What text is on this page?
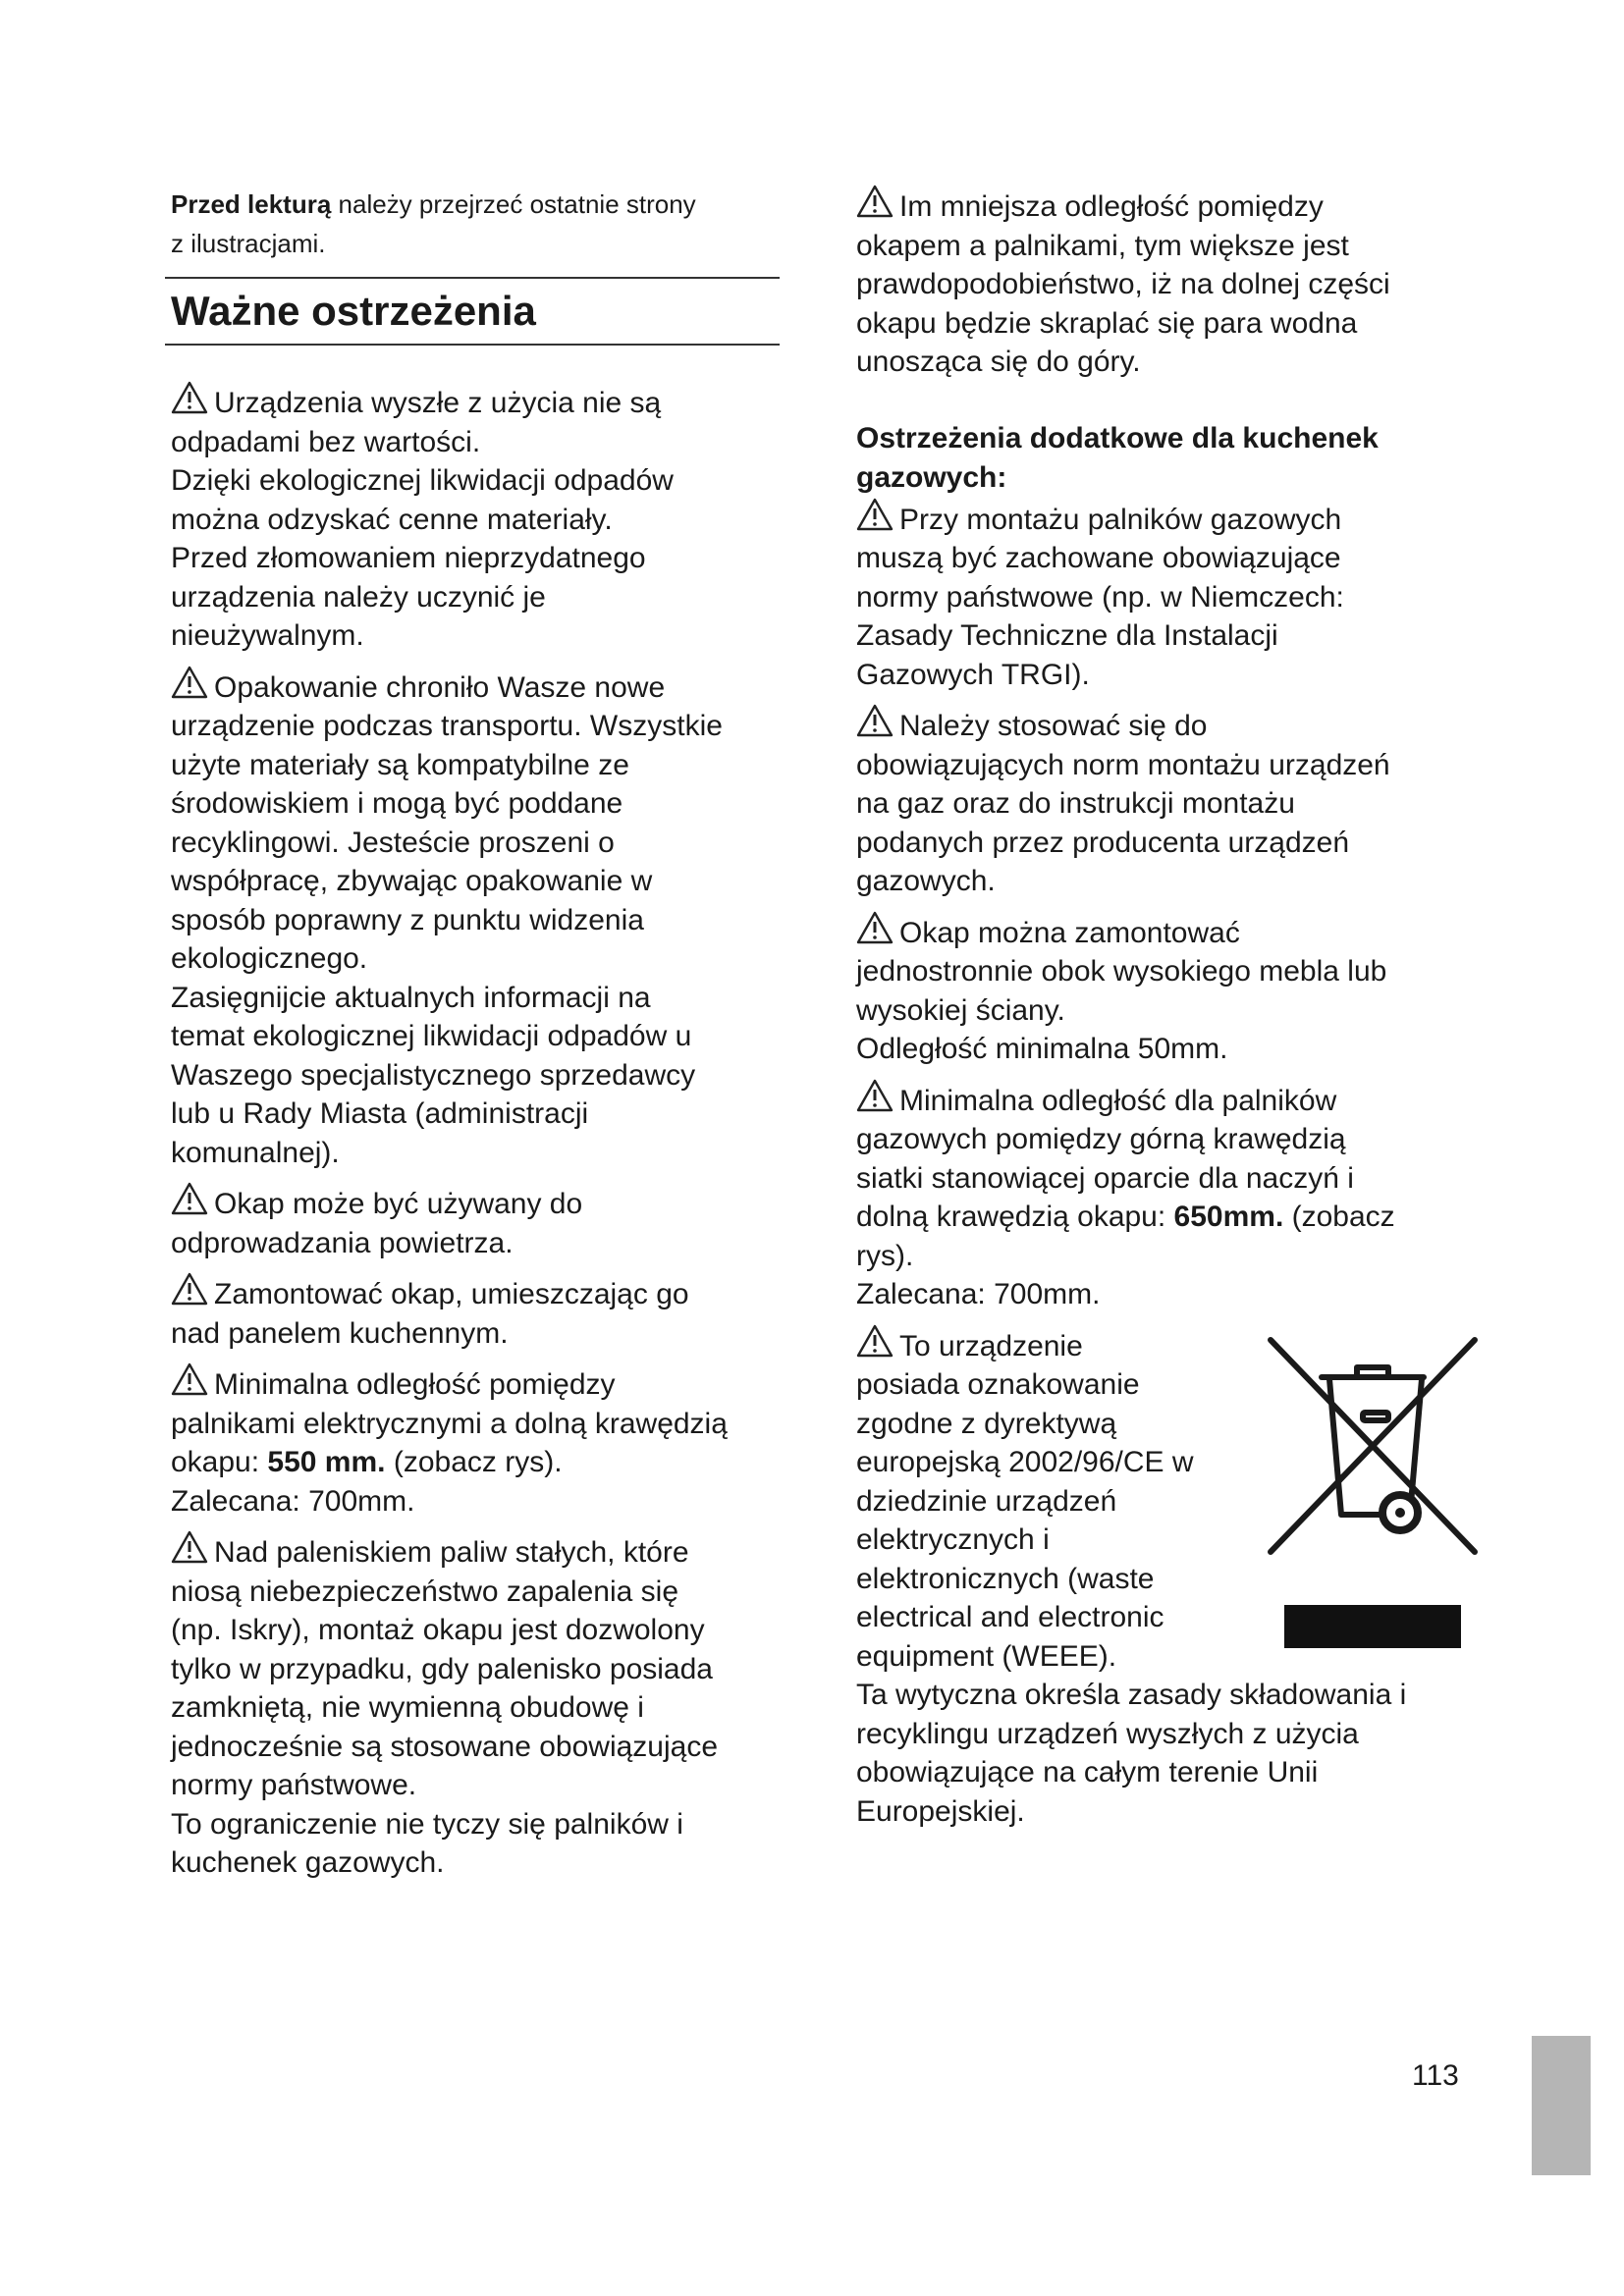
Przed lekturą należy przejrzeć ostatnie strony

z ilustracjami.

Ważne ostrzeżenia

Urządzenia wyszłe z użycia nie są

odpadami bez wartości.

Dzięki ekologicznej likwidacji odpadów

można odzyskać cenne materiały.

Przed złomowaniem nieprzydatnego

urządzenia należy uczynić je

nieużywalnym.

Opakowanie chroniło Wasze nowe

urządzenie podczas transportu. Wszystkie

użyte materiały są kompatybilne ze

środowiskiem i mogą być poddane

recyklingowi. Jesteście proszeni o

współpracę, zbywając opakowanie w

sposób poprawny z punktu widzenia

ekologicznego.

Zasięgnijcie aktualnych informacji na

temat ekologicznej likwidacji odpadów u

Waszego specjalistycznego sprzedawcy

lub u Rady Miasta (administracji

komunalnej).

Okap może być używany do

odprowadzania powietrza.

Zamontować okap, umieszczając go

nad panelem kuchennym.

Minimalna odległość pomiędzy

palnikami elektrycznymi a dolną krawędzią

okapu: 550 mm. (zobacz rys).

Zalecana: 700mm.

Nad paleniskiem paliw stałych, które

niosą niebezpieczeństwo zapalenia się

(np. Iskry), montaż okapu jest dozwolony

tylko w przypadku, gdy palenisko posiada

zamkniętą, nie wymienną obudowę i

jednocześnie są stosowane obowiązujące

normy państwowe.

To ograniczenie nie tyczy się palników i

kuchenek gazowych.

Im mniejsza odległość pomiędzy

okapem a palnikami, tym większe jest

prawdopodobieństwo, iż na dolnej części

okapu będzie skraplać się para wodna

unosząca się do góry.

Ostrzeżenia dodatkowe dla kuchenek

gazowych:

Przy montażu palników gazowych

muszą być zachowane obowiązujące

normy państwowe (np. w Niemczech:

Zasady Techniczne dla Instalacji

Gazowych TRGI).

Należy stosować się do

obowiązujących norm montażu urządzeń

na gaz oraz do instrukcji montażu

podanych przez producenta urządzeń

gazowych.

Okap można zamontować

jednostronnie obok wysokiego mebla lub

wysokiej ściany.

Odległość minimalna 50mm.

Minimalna odległość dla palników

gazowych pomiędzy górną krawędzią

siatki stanowiącej oparcie dla naczyń i

dolną krawędzią okapu: 650mm. (zobacz

rys).

Zalecana: 700mm.

To urządzenie

posiada oznakowanie

zgodne z dyrektywą

europejską 2002/96/CE w

dziedzinie urządzeń

elektrycznych i

elektronicznych (waste

electrical and electronic

equipment (WEEE).

Ta wytyczna określa zasady składowania i

recyklingu urządzeń wyszłych z użycia

obowiązujące na całym terenie Unii

Europejskiej.

113
